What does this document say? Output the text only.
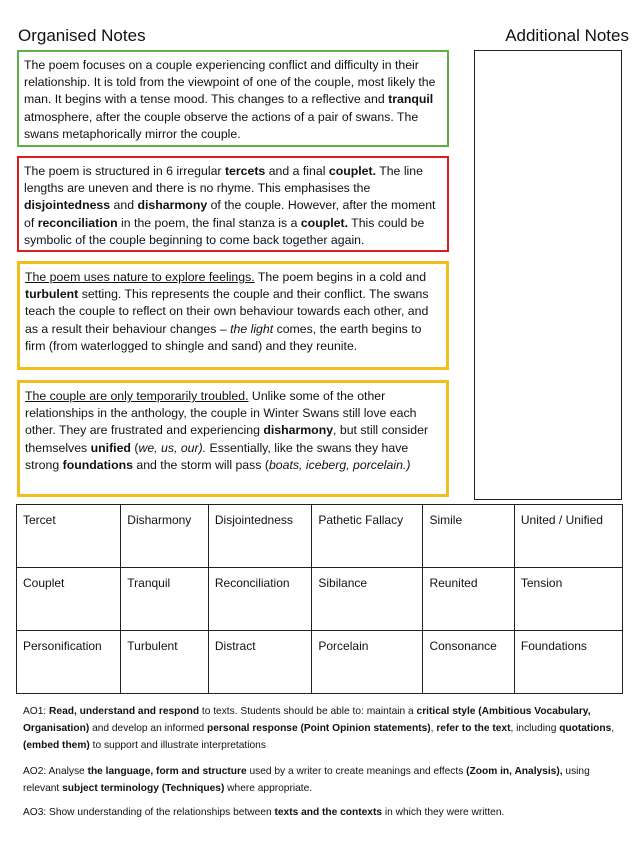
Organised Notes	Additional Notes
The poem focuses on a couple experiencing conflict and difficulty in their relationship. It is told from the viewpoint of one of the couple, most likely the man. It begins with a tense mood. This changes to a reflective and tranquil atmosphere, after the couple observe the actions of a pair of swans. The swans metaphorically mirror the couple.
The poem is structured in 6 irregular tercets and a final couplet. The line lengths are uneven and there is no rhyme. This emphasises the disjointedness and disharmony of the couple. However, after the moment of reconciliation in the poem, the final stanza is a couplet. This could be symbolic of the couple beginning to come back together again.
The poem uses nature to explore feelings. The poem begins in a cold and turbulent setting. This represents the couple and their conflict. The swans teach the couple to reflect on their own behaviour towards each other, and as a result their behaviour changes – the light comes, the earth begins to firm (from waterlogged to shingle and sand) and they reunite.
The couple are only temporarily troubled. Unlike some of the other relationships in the anthology, the couple in Winter Swans still love each other. They are frustrated and experiencing disharmony, but still consider themselves unified (we, us, our). Essentially, like the swans they have strong foundations and the storm will pass (boats, iceberg, porcelain.)
Tercet	Disharmony	Disjointedness	Pathetic Fallacy	Simile	United / Unified
Couplet	Tranquil	Reconciliation	Sibilance	Reunited	Tension
Personification	Turbulent	Distract	Porcelain	Consonance	Foundations
AO1: Read, understand and respond to texts. Students should be able to: maintain a critical style (Ambitious Vocabulary, Organisation) and develop an informed personal response (Point Opinion statements), refer to the text, including quotations, (embed them) to support and illustrate interpretations
AO2: Analyse the language, form and structure used by a writer to create meanings and effects (Zoom in, Analysis), using relevant subject terminology (Techniques) where appropriate.
AO3: Show understanding of the relationships between texts and the contexts in which they were written.
